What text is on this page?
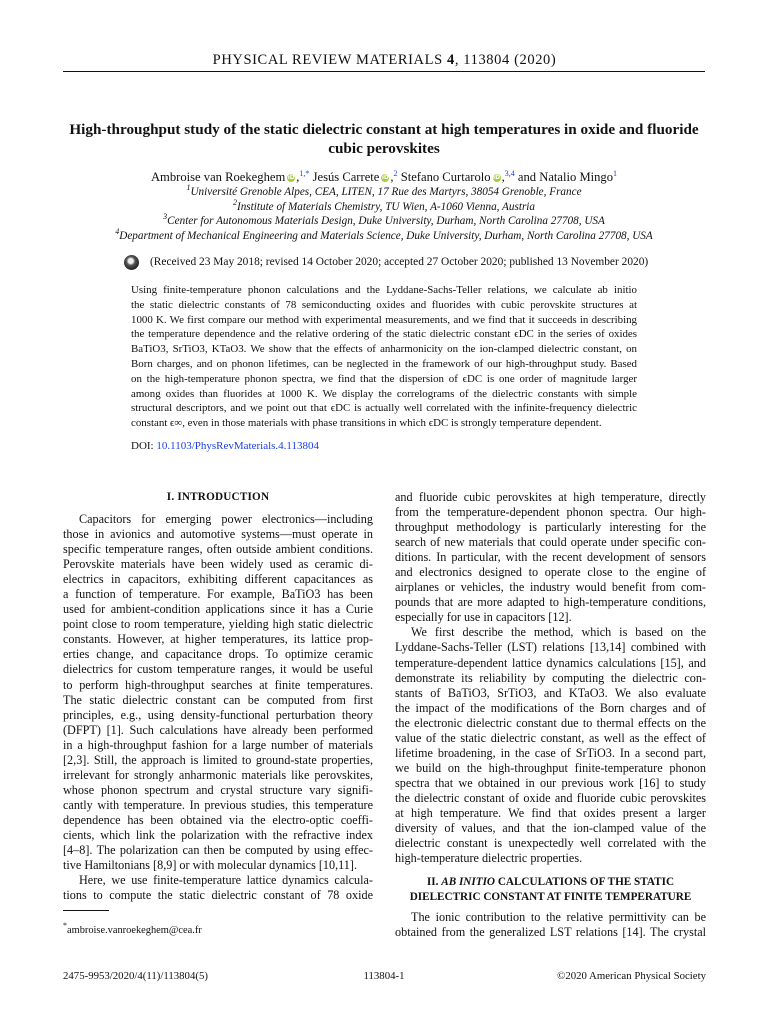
PHYSICAL REVIEW MATERIALS 4, 113804 (2020)
High-throughput study of the static dielectric constant at high temperatures in oxide and fluoride
cubic perovskites
Ambroise van Roekeghem iD,$^{1,*}$ Jesús Carrete iD,$^2$ Stefano Curtarolo iD,$^{3,4}$ and Natalio Mingo$^1$
$^1$Université Grenoble Alpes, CEA, LITEN, 17 Rue des Martyrs, 38054 Grenoble, France
$^2$Institute of Materials Chemistry, TU Wien, A-1060 Vienna, Austria
$^3$Center for Autonomous Materials Design, Duke University, Durham, North Carolina 27708, USA
$^4$Department of Mechanical Engineering and Materials Science, Duke University, Durham, North Carolina 27708, USA
(Received 23 May 2018; revised 14 October 2020; accepted 27 October 2020; published 13 November 2020)
Using finite-temperature phonon calculations and the Lyddane-Sachs-Teller relations, we calculate ab initio
the static dielectric constants of 78 semiconducting oxides and fluorides with cubic perovskite structures at
1000 K. We first compare our method with experimental measurements, and we find that it succeeds in describing
the temperature dependence and the relative ordering of the static dielectric constant ϵDC in the series of oxides
BaTiO3, SrTiO3, KTaO3. We show that the effects of anharmonicity on the ion-clamped dielectric constant, on
Born charges, and on phonon lifetimes, can be neglected in the framework of our high-throughput study. Based
on the high-temperature phonon spectra, we find that the dispersion of ϵDC is one order of magnitude larger
among oxides than fluorides at 1000 K. We display the correlograms of the dielectric constants with simple
structural descriptors, and we point out that ϵDC is actually well correlated with the infinite-frequency dielectric
constant ϵ∞, even in those materials with phase transitions in which ϵDC is strongly temperature dependent.
DOI: 10.1103/PhysRevMaterials.4.113804
I. INTRODUCTION
Capacitors for emerging power electronics—including
those in avionics and automotive systems—must operate in
specific temperature ranges, often outside ambient conditions.
Perovskite materials have been widely used as ceramic di-
electrics in capacitors, exhibiting different capacitances as
a function of temperature. For example, BaTiO3 has been
used for ambient-condition applications since it has a Curie
point close to room temperature, yielding high static dielectric
constants. However, at higher temperatures, its lattice prop-
erties change, and capacitance drops. To optimize ceramic
dielectrics for custom temperature ranges, it would be useful
to perform high-throughput searches at finite temperatures.
The static dielectric constant can be computed from first
principles, e.g., using density-functional perturbation theory
(DFPT) [1]. Such calculations have already been performed
in a high-throughput fashion for a large number of materials
[2,3]. Still, the approach is limited to ground-state properties,
irrelevant for strongly anharmonic materials like perovskites,
whose phonon spectrum and crystal structure vary signifi-
cantly with temperature. In previous studies, this temperature
dependence has been obtained via the electro-optic coeffi-
cients, which link the polarization with the refractive index
[4–8]. The polarization can then be computed by using effec-
tive Hamiltonians [8,9] or with molecular dynamics [10,11].
Here, we use finite-temperature lattice dynamics calcula-
tions to compute the static dielectric constant of 78 oxide
and fluoride cubic perovskites at high temperature, directly
from the temperature-dependent phonon spectra. Our high-
throughput methodology is particularly interesting for the
search of new materials that could operate under specific con-
ditions. In particular, with the recent development of sensors
and electronics designed to operate close to the engine of
airplanes or vehicles, the industry would benefit from com-
pounds that are more adapted to high-temperature conditions,
especially for use in capacitors [12].
We first describe the method, which is based on the
Lyddane-Sachs-Teller (LST) relations [13,14] combined with
temperature-dependent lattice dynamics calculations [15], and
demonstrate its reliability by computing the dielectric con-
stants of BaTiO3, SrTiO3, and KTaO3. We also evaluate
the impact of the modifications of the Born charges and of
the electronic dielectric constant due to thermal effects on the
value of the static dielectric constant, as well as the effect of
lifetime broadening, in the case of SrTiO3. In a second part,
we build on the high-throughput finite-temperature phonon
spectra that we obtained in our previous work [16] to study
the dielectric constant of oxide and fluoride cubic perovskites
at high temperature. We find that oxides present a larger
diversity of values, and that the ion-clamped value of the
dielectric constant is unexpectedly well correlated with the
high-temperature dielectric properties.
II. AB INITIO CALCULATIONS OF THE STATIC
DIELECTRIC CONSTANT AT FINITE TEMPERATURE
The ionic contribution to the relative permittivity can be
obtained from the generalized LST relations [14]. The crystal
*ambroise.vanroekeghem@cea.fr
2475-9953/2020/4(11)/113804(5)	113804-1	©2020 American Physical Society
